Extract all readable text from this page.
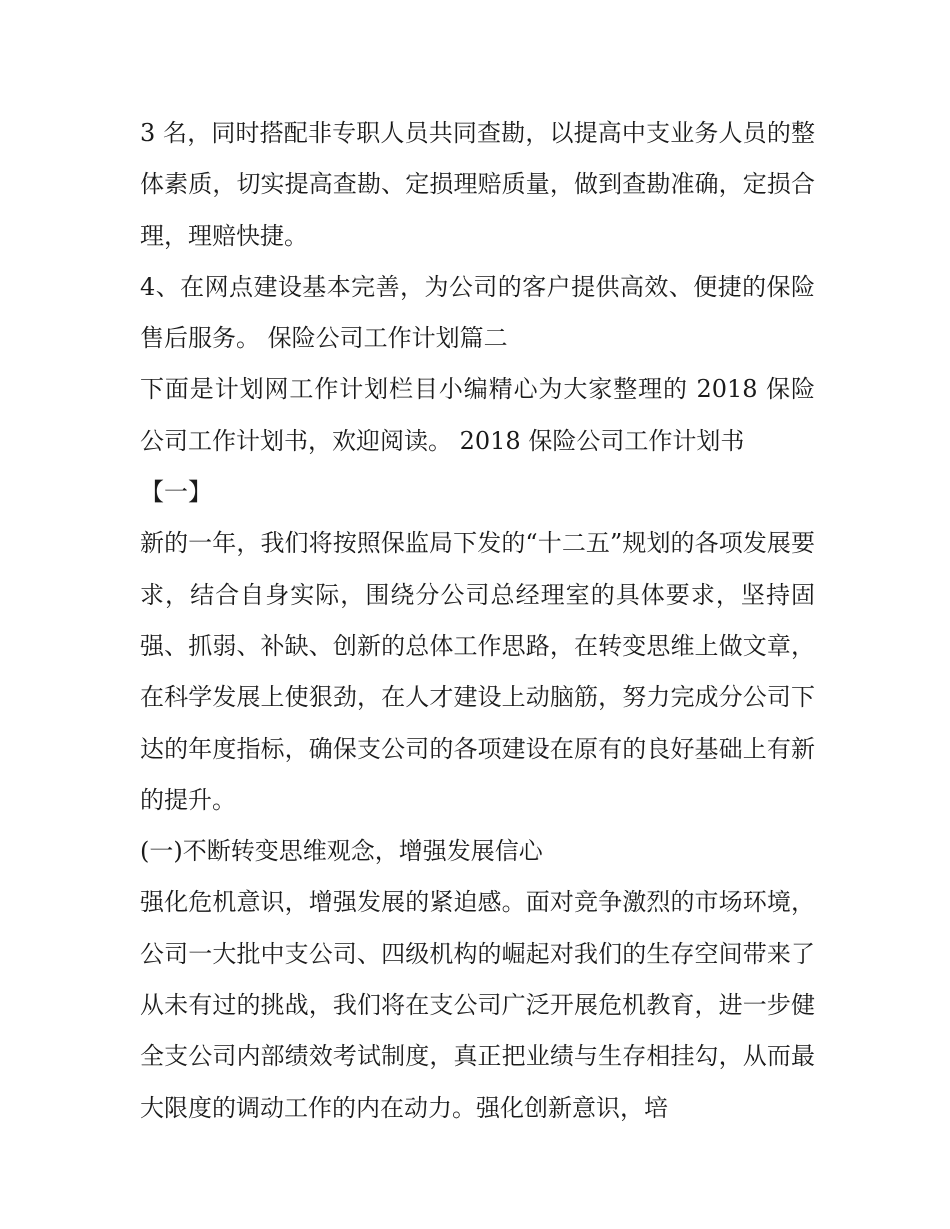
3 名，同时搭配非专职人员共同查勘，以提高中支业务人员的整体素质，切实提高查勘、定损理赔质量，做到查勘准确，定损合理，理赔快捷。

4、在网点建设基本完善，为公司的客户提供高效、便捷的保险售后服务。 保险公司工作计划篇二

下面是计划网工作计划栏目小编精心为大家整理的 2018 保险公司工作计划书，欢迎阅读。 2018 保险公司工作计划书

【一】

新的一年，我们将按照保监局下发的“十二五”规划的各项发展要求，结合自身实际，围绕分公司总经理室的具体要求，坚持固强、抓弱、补缺、创新的总体工作思路，在转变思维上做文章，在科学发展上使狠劲，在人才建设上动脑筋，努力完成分公司下达的年度指标，确保支公司的各项建设在原有的良好基础上有新的提升。

(一)不断转变思维观念，增强发展信心

强化危机意识，增强发展的紧迫感。面对竞争激烈的市场环境，公司一大批中支公司、四级机构的崛起对我们的生存空间带来了从未有过的挑战，我们将在支公司广泛开展危机教育，进一步健全支公司内部绩效考试制度，真正把业绩与生存相挂勾，从而最大限度的调动工作的内在动力。强化创新意识，培
